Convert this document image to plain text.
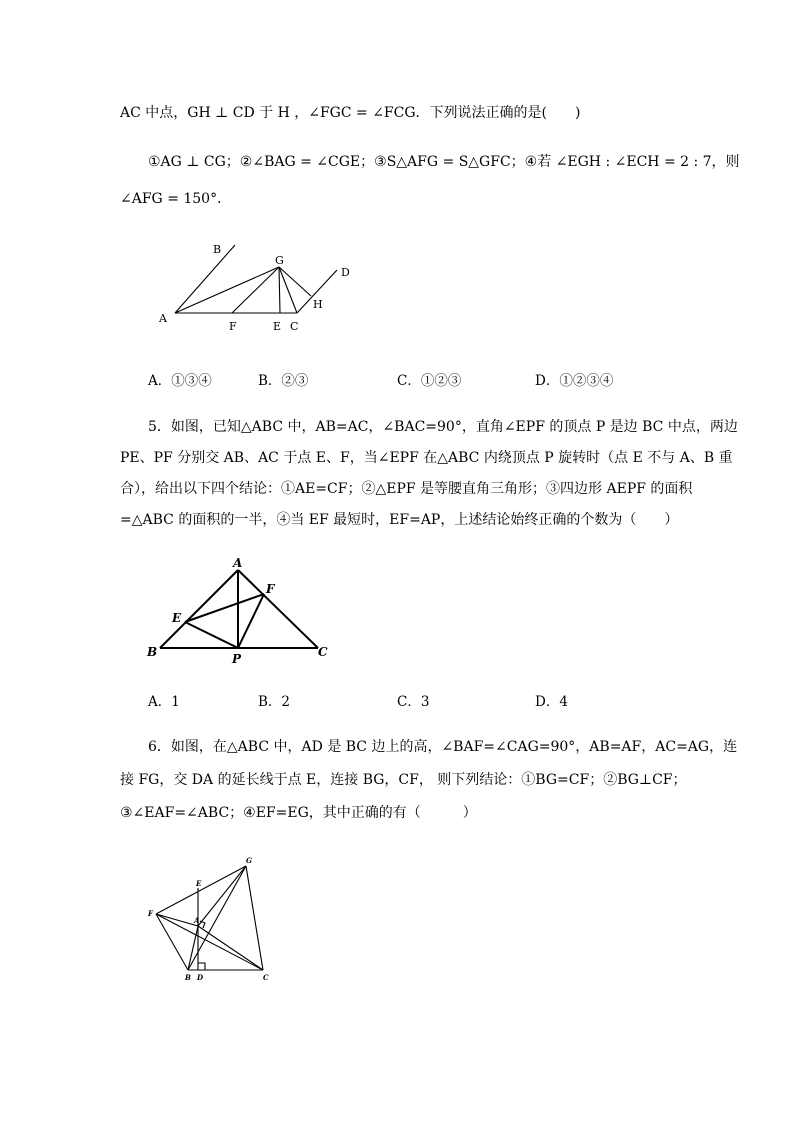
AC 中点，GH ⊥ CD 于 H ，∠FGC = ∠FCG．下列说法正确的是(　　)
①AG ⊥ CG；②∠BAG = ∠CGE；③S△AFG = S△GFC；④若 ∠EGH : ∠ECH = 2 : 7，则
∠AFG = 150°．
A
B
G
D
H
F	E C
A．①③④	B．②③	C．①②③	D．①②③④
5．如图，已知△ABC 中，AB=AC，∠BAC=90°，直角∠EPF 的顶点 P 是边 BC 中点，两边
PE、PF 分别交 AB、AC 于点 E、F，当∠EPF 在△ABC 内绕顶点 P 旋转时（点 E 不与 A、B 重
合），给出以下四个结论：①AE=CF；②△EPF 是等腰直角三角形；③四边形 AEPF 的面积
=△ABC 的面积的一半，④当 EF 最短时，EF=AP，上述结论始终正确的个数为（　　）
A
F
E
B	P	C
A．1	B．2	C．3	D．4
6．如图，在△ABC 中，AD 是 BC 边上的高，∠BAF=∠CAG=90°，AB=AF，AC=AG，连
接 FG，交 DA 的延长线于点 E，连接 BG，CF， 则下列结论：①BG=CF；②BG⊥CF；
③∠EAF=∠ABC；④EF=EG，其中正确的有（　　　）
G
E
F
A
B D	C
